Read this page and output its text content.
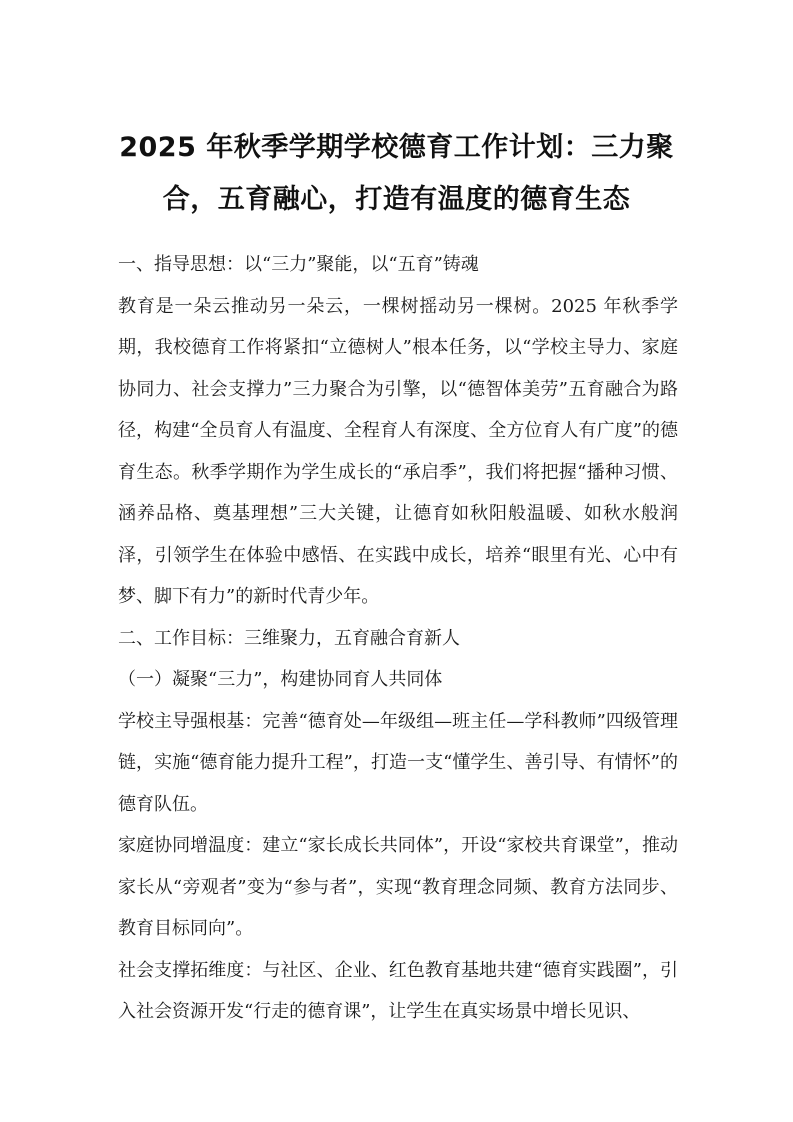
2025 年秋季学期学校德育工作计划：三力聚
合，五育融心，打造有温度的德育生态

一、指导思想：以“三力”聚能，以“五育”铸魂

教育是一朵云推动另一朵云，一棵树摇动另一棵树。2025 年秋季学期，我校德育工作将紧扣“立德树人”根本任务，以“学校主导力、家庭协同力、社会支撑力”三力聚合为引擎，以“德智体美劳”五育融合为路径，构建“全员育人有温度、全程育人有深度、全方位育人有广度”的德育生态。秋季学期作为学生成长的“承启季”，我们将把握“播种习惯、涵养品格、奠基理想”三大关键，让德育如秋阳般温暖、如秋水般润泽，引领学生在体验中感悟、在实践中成长，培养“眼里有光、心中有梦、脚下有力”的新时代青少年。

二、工作目标：三维聚力，五育融合育新人

（一）凝聚“三力”，构建协同育人共同体

学校主导强根基：完善“德育处—年级组—班主任—学科教师”四级管理链，实施“德育能力提升工程”，打造一支“懂学生、善引导、有情怀”的德育队伍。

家庭协同增温度：建立“家长成长共同体”，开设“家校共育课堂”，推动家长从“旁观者”变为“参与者”，实现“教育理念同频、教育方法同步、教育目标同向”。

社会支撑拓维度：与社区、企业、红色教育基地共建“德育实践圈”，引入社会资源开发“行走的德育课”，让学生在真实场景中增长见识、
